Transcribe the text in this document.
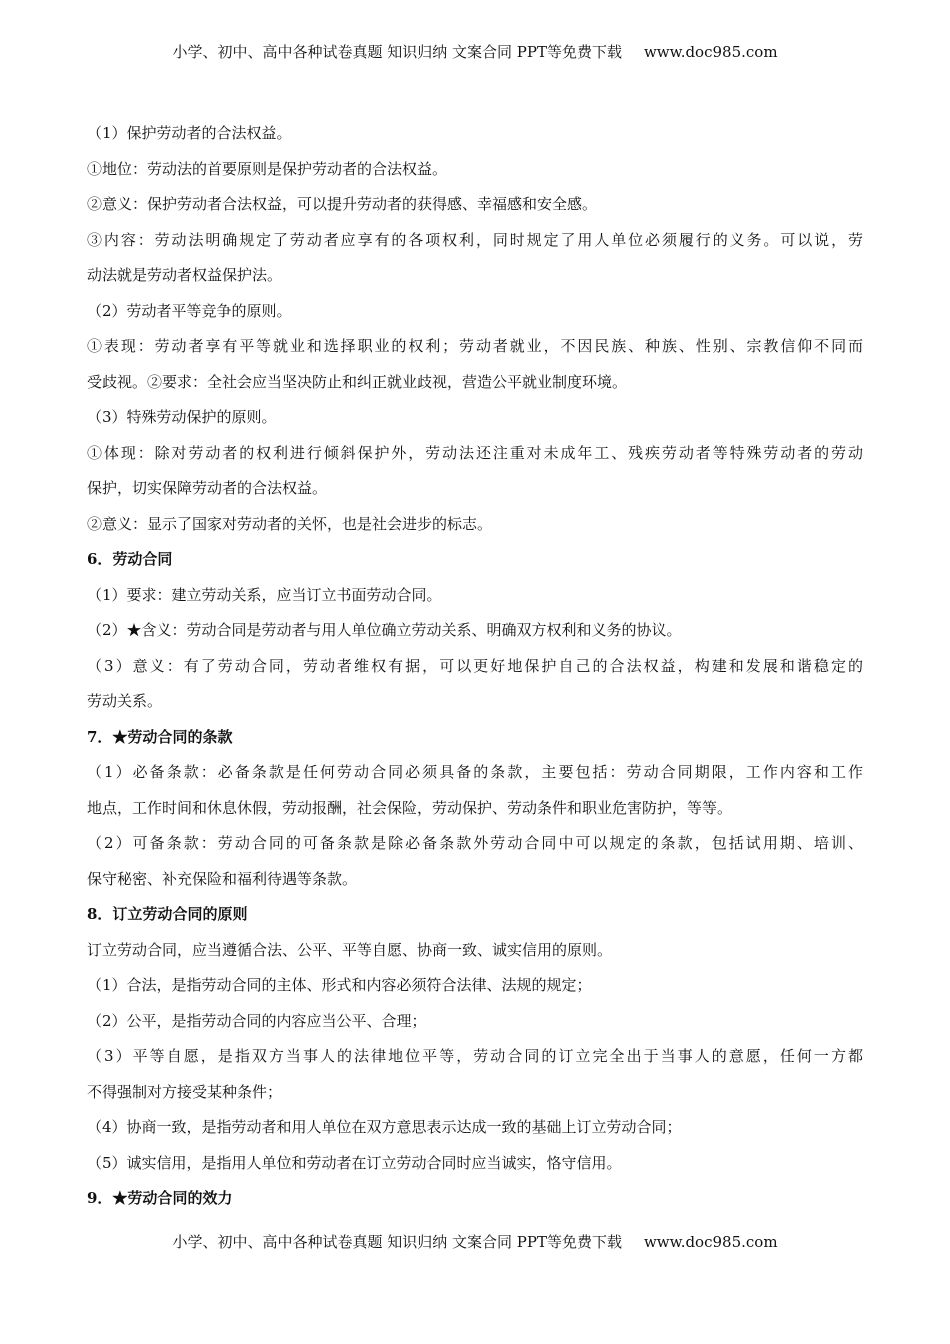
小学、初中、高中各种试卷真题 知识归纳 文案合同 PPT等免费下载 www.doc985.com
（1）保护劳动者的合法权益。
①地位：劳动法的首要原则是保护劳动者的合法权益。
②意义：保护劳动者合法权益，可以提升劳动者的获得感、幸福感和安全感。
③内容：劳动法明确规定了劳动者应享有的各项权利，同时规定了用人单位必须履行的义务。可以说，劳
动法就是劳动者权益保护法。
（2）劳动者平等竞争的原则。
①表现：劳动者享有平等就业和选择职业的权利；劳动者就业，不因民族、种族、性别、宗教信仰不同而
受歧视。②要求：全社会应当坚决防止和纠正就业歧视，营造公平就业制度环境。
（3）特殊劳动保护的原则。
①体现：除对劳动者的权利进行倾斜保护外，劳动法还注重对未成年工、残疾劳动者等特殊劳动者的劳动
保护，切实保障劳动者的合法权益。
②意义：显示了国家对劳动者的关怀，也是社会进步的标志。
6．劳动合同
（1）要求：建立劳动关系，应当订立书面劳动合同。
（2）★含义：劳动合同是劳动者与用人单位确立劳动关系、明确双方权利和义务的协议。
（3）意义：有了劳动合同，劳动者维权有据，可以更好地保护自己的合法权益，构建和发展和谐稳定的
劳动关系。
7．★劳动合同的条款
（1）必备条款：必备条款是任何劳动合同必须具备的条款，主要包括：劳动合同期限，工作内容和工作
地点，工作时间和休息休假，劳动报酬，社会保险，劳动保护、劳动条件和职业危害防护，等等。
（2）可备条款：劳动合同的可备条款是除必备条款外劳动合同中可以规定的条款，包括试用期、培训、
保守秘密、补充保险和福利待遇等条款。
8．订立劳动合同的原则
订立劳动合同，应当遵循合法、公平、平等自愿、协商一致、诚实信用的原则。
（1）合法，是指劳动合同的主体、形式和内容必须符合法律、法规的规定；
（2）公平，是指劳动合同的内容应当公平、合理；
（3）平等自愿，是指双方当事人的法律地位平等，劳动合同的订立完全出于当事人的意愿，任何一方都
不得强制对方接受某种条件；
（4）协商一致，是指劳动者和用人单位在双方意思表示达成一致的基础上订立劳动合同；
（5）诚实信用，是指用人单位和劳动者在订立劳动合同时应当诚实，恪守信用。
9．★劳动合同的效力
小学、初中、高中各种试卷真题 知识归纳 文案合同 PPT等免费下载 www.doc985.com
